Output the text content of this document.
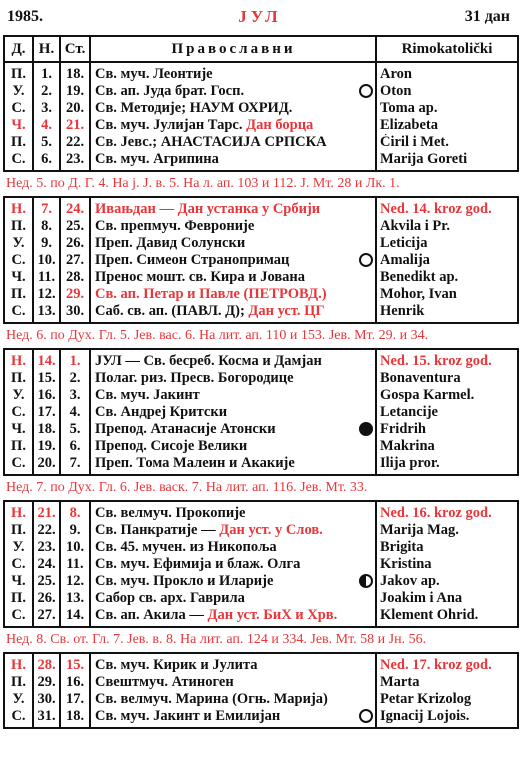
1985.	ЈУЛ	31 дан
Д.	Н.	Ст.	Православни	Rimokatolički
П.	1.	18.	Св. муч. Леонтије	Aron
У.	2.	19.	Св. ап. Јуда брат. Госп.	Oton
С.	3.	20.	Св. Методије; НАУМ ОХРИД.	Toma ap.
Ч.	4.	21.	Св. муч. Јулијан Тарс. Дан борца	Elizabeta
П.	5.	22.	Св. Јевс.; АНАСТАСИЈА СРПСКА	Ćiril i Met.
С.	6.	23.	Св. муч. Агрипина	Marija Goreti
Нед. 5. по Д. Г. 4. На ј. Ј. в. 5. На л. ап. 103 и 112. Ј. Мт. 28 и Лк. 1.				
Н.	7.	24.	Ивањдан — Дан устанка у Србији	Ned. 14. kroz god.
П.	8.	25.	Св. препмуч. Февроније	Akvila i Pr.
У.	9.	26.	Преп. Давид Солунски	Leticija
С.	10.	27.	Преп. Симеон Странопримац	Amalija
Ч.	11.	28.	Пренос мошт. св. Кира и Јована	Benedikt ap.
П.	12.	29.	Св. ап. Петар и Павле (ПЕТРОВД.)	Mohor, Ivan
С.	13.	30.	Саб. св. ап. (ПАВЛ. Д); Дан уст. ЦГ	Henrik
Нед. 6. по Дух. Гл. 5. Јев. вас. 6. На лит. ап. 110 и 153. Јев. Мт. 29. и 34.				
Н.	14.	1.	ЈУЛ — Св. бесреб. Косма и Дамјан	Ned. 15. kroz god.
П.	15.	2.	Полаг. риз. Пресв. Богородице	Bonaventura
У.	16.	3.	Св. муч. Јакинт	Gospa Karmel.
С.	17.	4.	Св. Андреј Критски	Letancije
Ч.	18.	5.	Препод. Атанасије Атонски	Fridrih
П.	19.	6.	Препод. Сисоје Велики	Makrina
С.	20.	7.	Преп. Тома Малеин и Акакије	Ilija pror.
Нед. 7. по Дух. Гл. 6. Јев. васк. 7. На лит. ап. 116. Јев. Мт. 33.				
Н.	21.	8.	Св. велмуч. Прокопије	Ned. 16. kroz god.
П.	22.	9.	Св. Панкратије — Дан уст. у Слов.	Marija Mag.
У.	23.	10.	Св. 45. мучен. из Никопоља	Brigita
С.	24.	11.	Св. муч. Ефимија и блаж. Олга	Kristina
Ч.	25.	12.	Св. муч. Прокло и Иларије	Jakov ap.
П.	26.	13.	Сабор св. арх. Гаврила	Joakim i Ana
С.	27.	14.	Св. ап. Акила — Дан уст. БиХ и Хрв.	Klement Ohrid.
Нед. 8. Св. от. Гл. 7. Јев. в. 8. На лит. ап. 124 и 334. Јев. Мт. 58 и Јн. 56.				
Н.	28.	15.	Св. муч. Кирик и Јулита	Ned. 17. kroz god.
П.	29.	16.	Свештмуч. Атиноген	Marta
У.	30.	17.	Св. велмуч. Марина (Огњ. Марија)	Petar Krizolog
С.	31.	18.	Св. муч. Јакинт и Емилијан	Ignacij Lojois.
